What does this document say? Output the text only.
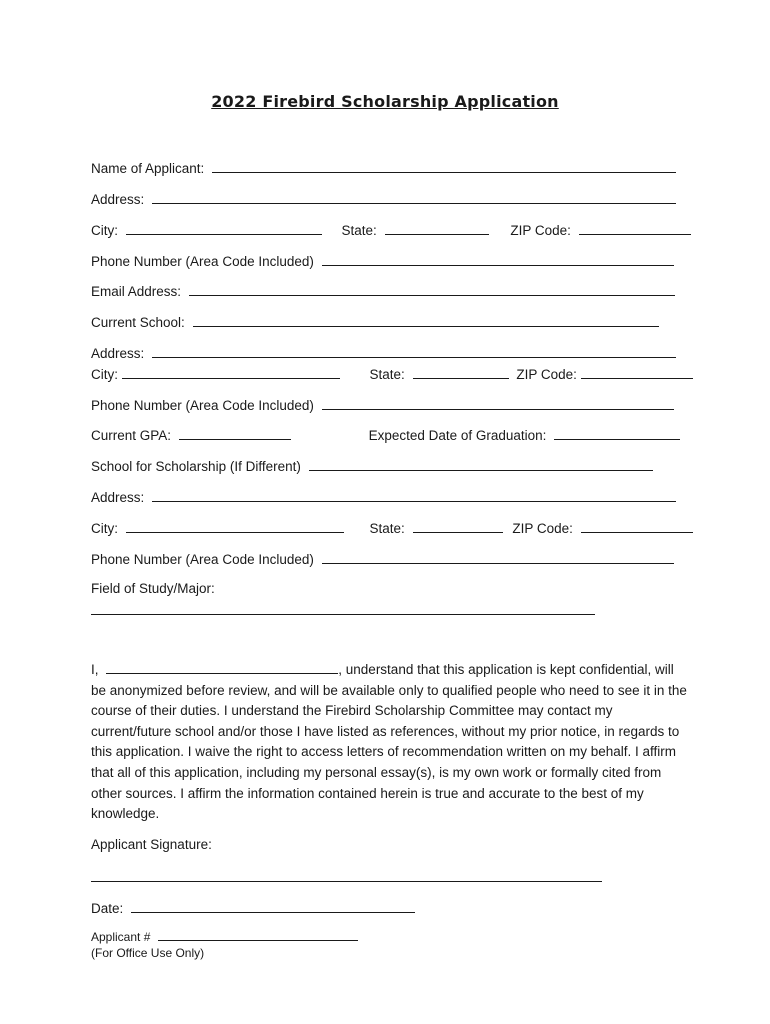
2022 Firebird Scholarship Application
Name of Applicant:
Address:
City:	State:	ZIP Code:
Phone Number (Area Code Included)
Email Address:
Current School:
Address:
City:	State:	ZIP Code:
Phone Number (Area Code Included)
Current GPA:	Expected Date of Graduation:
School for Scholarship (If Different)
Address:
City:	State:	ZIP Code:
Phone Number (Area Code Included)
Field of Study/Major:
I,	, understand that this application is kept confidential, will be anonymized before review, and will be available only to qualified people who need to see it in the course of their duties. I understand the Firebird Scholarship Committee may contact my current/future school and/or those I have listed as references, without my prior notice, in regards to this application. I waive the right to access letters of recommendation written on my behalf. I affirm that all of this application, including my personal essay(s), is my own work or formally cited from other sources. I affirm the information contained herein is true and accurate to the best of my knowledge.
Applicant Signature:
Date:
Applicant #
(For Office Use Only)
